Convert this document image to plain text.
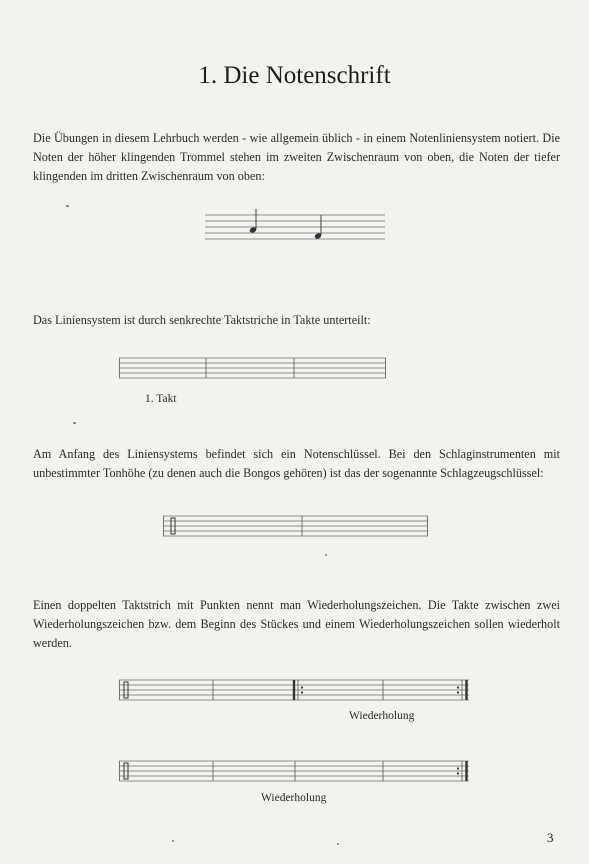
1. Die Notenschrift
Die Übungen in diesem Lehrbuch werden - wie allgemein üblich - in einem Notenliniensystem notiert. Die Noten der höher klingenden Trommel stehen im zweiten Zwischenraum von oben, die Noten der tiefer klingenden im dritten Zwischenraum von oben:
Das Liniensystem ist durch senkrechte Taktstriche in Takte unterteilt:
1. Takt
Am Anfang des Liniensystems befindet sich ein Notenschlüssel. Bei den Schlaginstrumenten mit unbestimmter Tonhöhe (zu denen auch die Bongos gehören) ist das der sogenannte Schlagzeugschlüssel:
Einen doppelten Taktstrich mit Punkten nennt man Wiederholungszeichen. Die Takte zwischen zwei Wiederholungszeichen bzw. dem Beginn des Stückes und einem Wiederholungszeichen sollen wiederholt werden.
Wiederholung
Wiederholung
3
